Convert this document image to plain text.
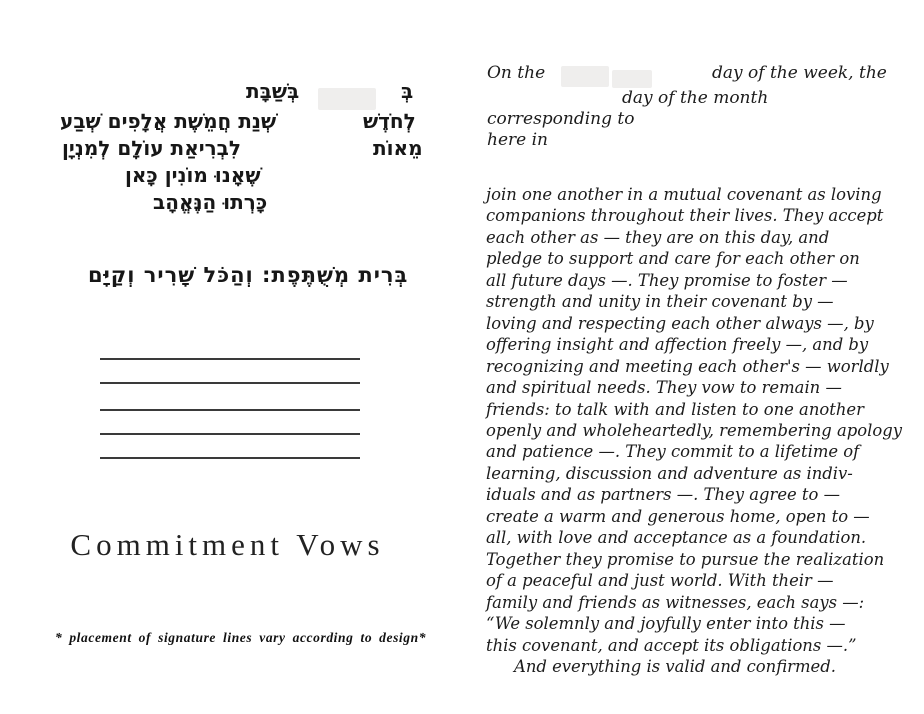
בְּ
בְּשַׁבָּת
לְחֹדֶשׁ
שְׁנַת חֲמֵשֶׁת אֲלָפִים שְׁבַע
מֵאוֹת
לִבְרִיאַת עוֹלָם לְמִנְיָן
שֶׁאָנוּ מוֹנִין כָּאן
כָּרְתוּ הַנֶּאֱהָב
בְּרִית מְשֻׁתֶּפֶת: וְהַכֹּל שָׁרִיר וְקַיָּם
Commitment Vows
* placement of signature lines vary according to design*
On the	day of the week, the
day of the month
corresponding to
here in
join one another in a mutual covenant as loving
companions throughout their lives. They accept
each other as — they are on this day, and
pledge to support and care for each other on
all future days —. They promise to foster —
strength and unity in their covenant by —
loving and respecting each other always —, by
offering insight and affection freely —, and by
recognizing and meeting each other's — worldly
and spiritual needs. They vow to remain —
friends: to talk with and listen to one another
openly and wholeheartedly, remembering apology
and patience —. They commit to a lifetime of
learning, discussion and adventure as indiv-
iduals and as partners —. They agree to —
create a warm and generous home, open to —
all, with love and acceptance as a foundation.
Together they promise to pursue the realization
of a peaceful and just world. With their —
family and friends as witnesses, each says —:
“We solemnly and joyfully enter into this —
this covenant, and accept its obligations —.”
And everything is valid and confirmed.
